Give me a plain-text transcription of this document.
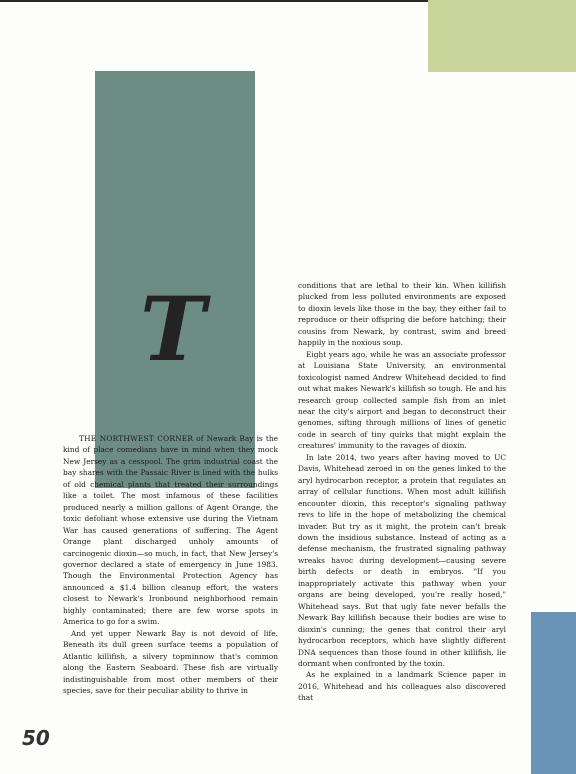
T

THE NORTHWEST CORNER of Newark Bay is the kind of place comedians have in mind when they mock New Jersey as a cesspool. The grim industrial coast the bay shares with the Passaic River is lined with the hulks of old chemical plants that treated their surroundings like a toilet. The most infamous of these facilities produced nearly a million gallons of Agent Orange, the toxic defoliant whose extensive use during the Vietnam War has caused generations of suffering. The Agent Orange plant discharged unholy amounts of carcinogenic dioxin—so much, in fact, that New Jersey's governor declared a state of emergency in June 1983. Though the Environmental Protection Agency has announced a $1.4 billion cleanup effort, the waters closest to Newark's Ironbound neighborhood remain highly contaminated; there are few worse spots in America to go for a swim.

And yet upper Newark Bay is not devoid of life. Beneath its dull green surface teems a population of Atlantic killifish, a silvery topminnow that's common along the Eastern Seaboard. These fish are virtually indistinguishable from most other members of their species, save for their peculiar ability to thrive in

conditions that are lethal to their kin. When killifish plucked from less polluted environments are exposed to dioxin levels like those in the bay, they either fail to reproduce or their offspring die before hatching; their cousins from Newark, by contrast, swim and breed happily in the noxious soup.

Eight years ago, while he was an associate professor at Louisiana State University, an environmental toxicologist named Andrew Whitehead decided to find out what makes Newark's killifish so tough. He and his research group collected sample fish from an inlet near the city's airport and began to deconstruct their genomes, sifting through millions of lines of genetic code in search of tiny quirks that might explain the creatures' immunity to the ravages of dioxin.

In late 2014, two years after having moved to UC Davis, Whitehead zeroed in on the genes linked to the aryl hydrocarbon receptor, a protein that regulates an array of cellular functions. When most adult killifish encounter dioxin, this receptor's signaling pathway revs to life in the hope of metabolizing the chemical invader. But try as it might, the protein can't break down the insidious substance. Instead of acting as a defense mechanism, the frustrated signaling pathway wreaks havoc during development—causing severe birth defects or death in embryos. "If you inappropriately activate this pathway when your organs are being developed, you're really hosed," Whitehead says. But that ugly fate never befalls the Newark Bay killifish because their bodies are wise to dioxin's cunning; the genes that control their aryl hydrocarbon receptors, which have slightly different DNA sequences than those found in other killifish, lie dormant when confronted by the toxin.

As he explained in a landmark Science paper in 2016, Whitehead and his colleagues also discovered that

50
